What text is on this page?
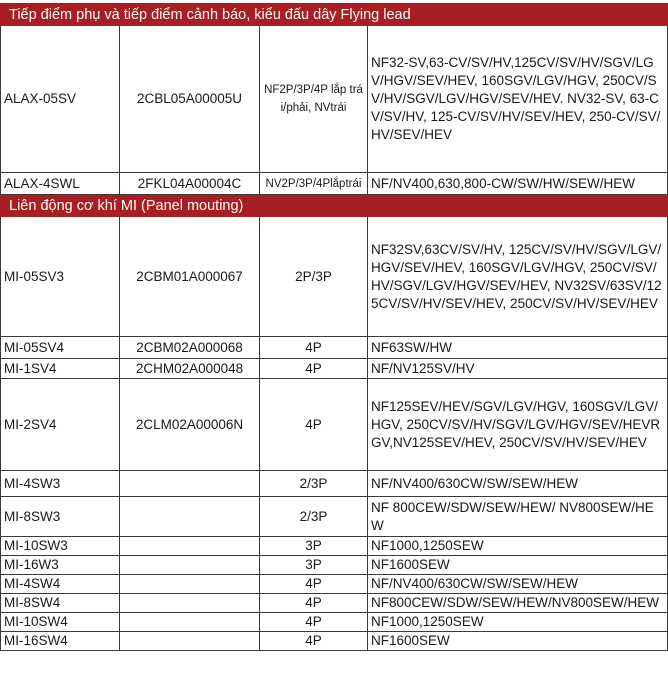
Tiếp điểm phụ và tiếp điểm cảnh báo, kiểu đấu dây Flying lead			
ALAX-05SV	2CBL05A00005U	NF2P/3P/4P lắp trái/phải, NVtrái	NF32-SV,63-CV/SV/HV,125CV/SV/HV/SGV/LGV/HGV/SEV/HEV, 160SGV/LGV/HGV, 250CV/SV/HV/SGV/LGV/HGV/SEV/HEV. NV32-SV, 63-CV/SV/HV, 125-CV/SV/HV/SEV/HEV, 250-CV/SV/HV/SEV/HEV
ALAX-4SWL	2FKL04A00004C	NV2P/3P/4Plắptrái	NF/NV400,630,800-CW/SW/HW/SEW/HEW
Liên động cơ khí MI (Panel mouting)			
MI-05SV3	2CBM01A000067	2P/3P	NF32SV,63CV/SV/HV, 125CV/SV/HV/SGV/LGV/HGV/SEV/HEV, 160SGV/LGV/HGV, 250CV/SV/HV/SGV/LGV/HGV/SEV/HEV, NV32SV/63SV/125CV/SV/HV/SEV/HEV, 250CV/SV/HV/SEV/HEV
MI-05SV4	2CBM02A000068	4P	NF63SW/HW
MI-1SV4	2CHM02A000048	4P	NF/NV125SV/HV
MI-2SV4	2CLM02A00006N	4P	NF125SEV/HEV/SGV/LGV/HGV, 160SGV/LGV/HGV, 250CV/SV/HV/SGV/LGV/HGV/SEV/HEVRGV,NV125SEV/HEV, 250CV/SV/HV/SEV/HEV
MI-4SW3		2/3P	NF/NV400/630CW/SW/SEW/HEW
MI-8SW3		2/3P	NF 800CEW/SDW/SEW/HEW/ NV800SEW/HEW
MI-10SW3		3P	NF1000,1250SEW
MI-16W3		3P	NF1600SEW
MI-4SW4		4P	NF/NV400/630CW/SW/SEW/HEW
MI-8SW4		4P	NF800CEW/SDW/SEW/HEW/NV800SEW/HEW
MI-10SW4		4P	NF1000,1250SEW
MI-16SW4		4P	NF1600SEW
